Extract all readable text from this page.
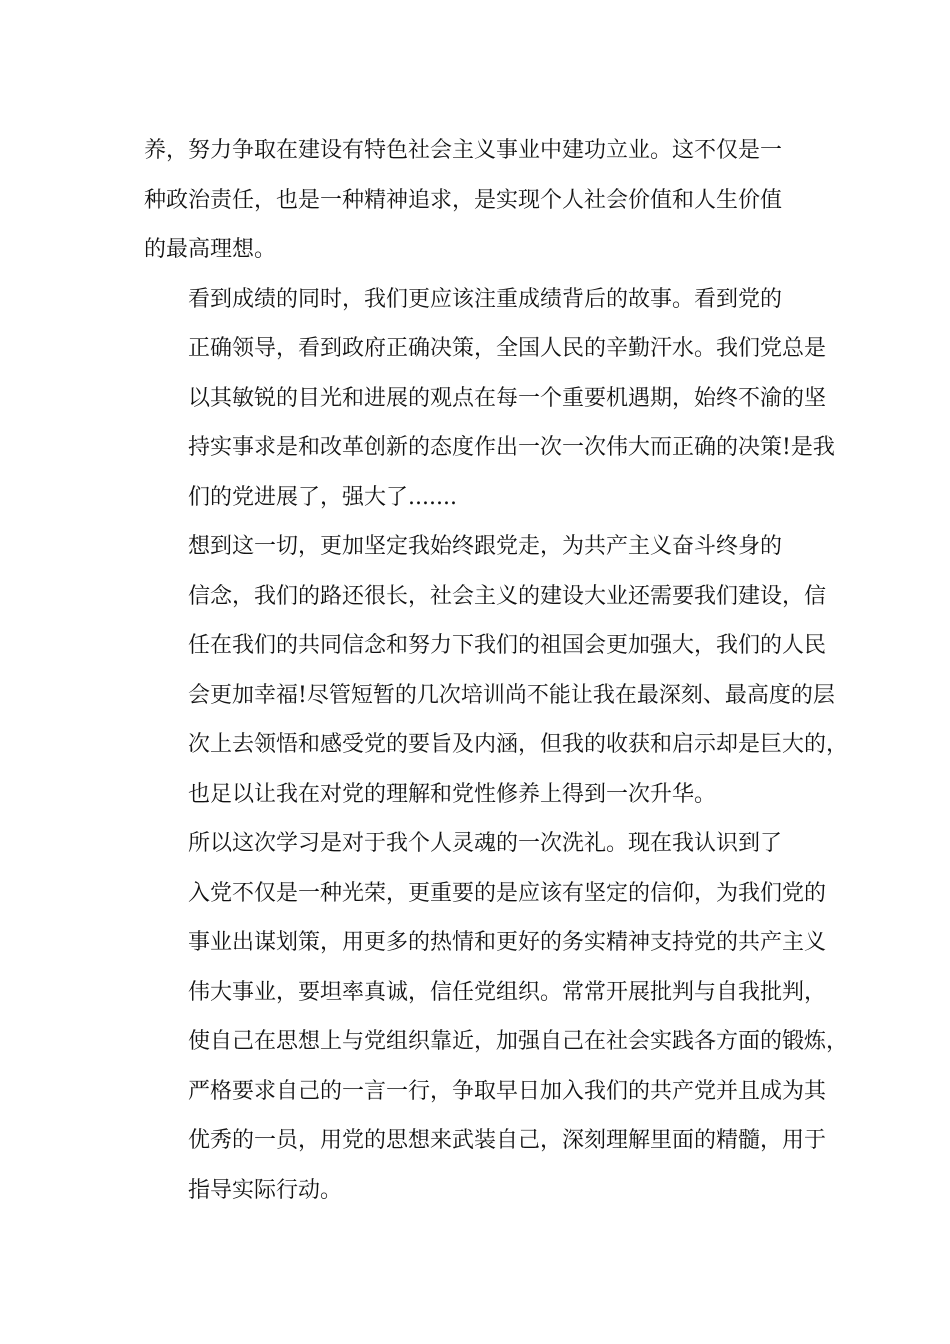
养，努力争取在建设有特色社会主义事业中建功立业。这不仅是一
种政治责任，也是一种精神追求，是实现个人社会价值和人生价值
的最高理想。

看到成绩的同时，我们更应该注重成绩背后的故事。看到党的
正确领导，看到政府正确决策，全国人民的辛勤汗水。我们党总是
以其敏锐的目光和进展的观点在每一个重要机遇期，始终不渝的坚
持实事求是和改革创新的态度作出一次一次伟大而正确的决策!是我
们的党进展了，强大了.......

想到这一切，更加坚定我始终跟党走，为共产主义奋斗终身的
信念，我们的路还很长，社会主义的建设大业还需要我们建设，信
任在我们的共同信念和努力下我们的祖国会更加强大，我们的人民
会更加幸福!尽管短暂的几次培训尚不能让我在最深刻、最高度的层
次上去领悟和感受党的要旨及内涵，但我的收获和启示却是巨大的，
也足以让我在对党的理解和党性修养上得到一次升华。

所以这次学习是对于我个人灵魂的一次洗礼。现在我认识到了
入党不仅是一种光荣，更重要的是应该有坚定的信仰，为我们党的
事业出谋划策，用更多的热情和更好的务实精神支持党的共产主义
伟大事业，要坦率真诚，信任党组织。常常开展批判与自我批判，
使自己在思想上与党组织靠近，加强自己在社会实践各方面的锻炼，
严格要求自己的一言一行，争取早日加入我们的共产党并且成为其
优秀的一员，用党的思想来武装自己，深刻理解里面的精髓，用于
指导实际行动。
